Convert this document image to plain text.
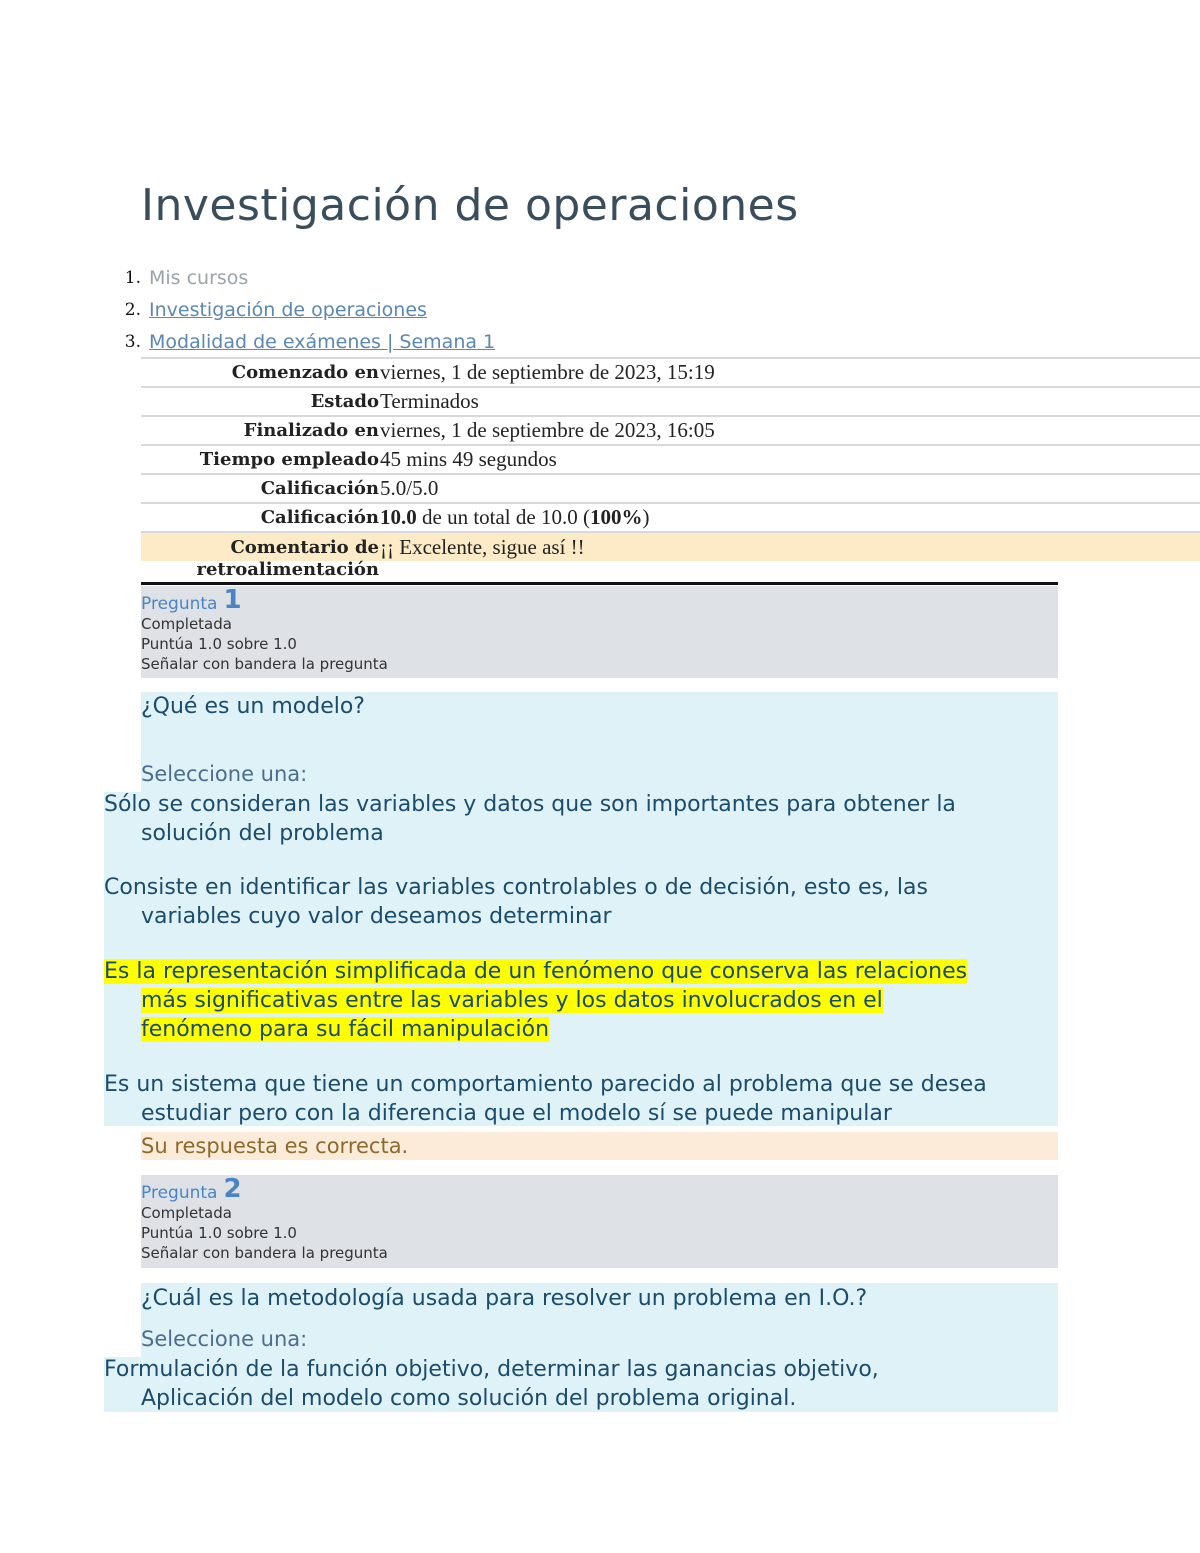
Investigación de operaciones
1. Mis cursos
2. Investigación de operaciones
3. Modalidad de exámenes | Semana 1
Comenzado en viernes, 1 de septiembre de 2023, 15:19
Estado Terminados
Finalizado en viernes, 1 de septiembre de 2023, 16:05
Tiempo empleado 45 mins 49 segundos
Calificación 5.0/5.0
Calificación 10.0 de un total de 10.0 (100%)
Comentario de ¡¡ Excelente, sigue así !!
retroalimentación
Pregunta 1
Completada
Puntúa 1.0 sobre 1.0
Señalar con bandera la pregunta
¿Qué es un modelo?
Seleccione una:
Sólo se consideran las variables y datos que son importantes para obtener la
solución del problema
Consiste en identificar las variables controlables o de decisión, esto es, las
variables cuyo valor deseamos determinar
Es la representación simplificada de un fenómeno que conserva las relaciones
más significativas entre las variables y los datos involucrados en el
fenómeno para su fácil manipulación
Es un sistema que tiene un comportamiento parecido al problema que se desea
estudiar pero con la diferencia que el modelo sí se puede manipular
Su respuesta es correcta.
Pregunta 2
Completada
Puntúa 1.0 sobre 1.0
Señalar con bandera la pregunta
¿Cuál es la metodología usada para resolver un problema en I.O.?
Seleccione una:
Formulación de la función objetivo, determinar las ganancias objetivo,
Aplicación del modelo como solución del problema original.
